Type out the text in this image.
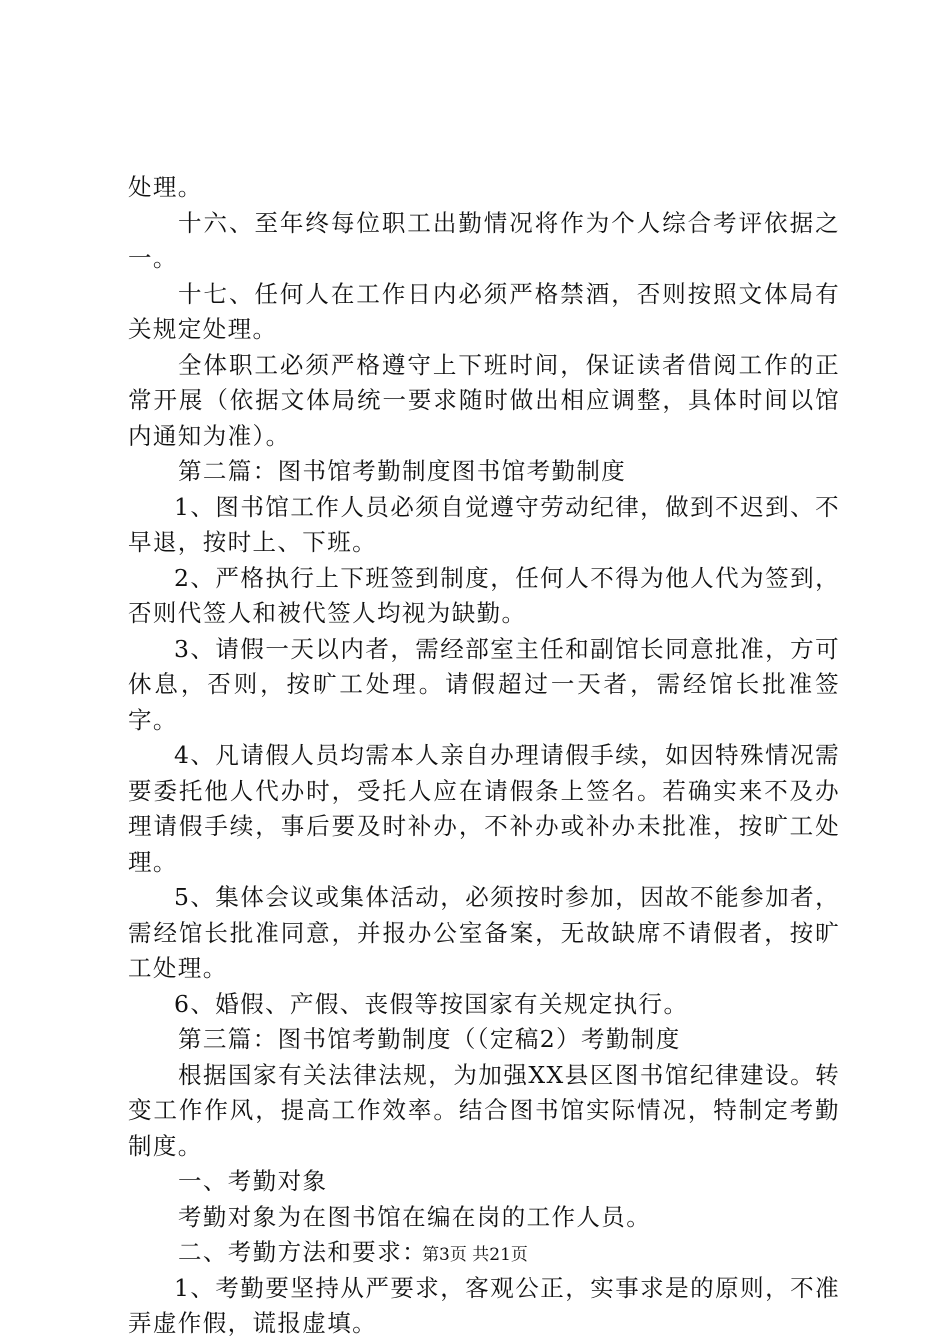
处理。

十六、至年终每位职工出勤情况将作为个人综合考评依据之一。

十七、任何人在工作日内必须严格禁酒，否则按照文体局有关规定处理。

全体职工必须严格遵守上下班时间，保证读者借阅工作的正常开展（依据文体局统一要求随时做出相应调整，具体时间以馆内通知为准）。

第二篇：图书馆考勤制度图书馆考勤制度

1、图书馆工作人员必须自觉遵守劳动纪律，做到不迟到、不早退，按时上、下班。

2、严格执行上下班签到制度，任何人不得为他人代为签到，否则代签人和被代签人均视为缺勤。

3、请假一天以内者，需经部室主任和副馆长同意批准，方可休息，否则，按旷工处理。请假超过一天者，需经馆长批准签字。

4、凡请假人员均需本人亲自办理请假手续，如因特殊情况需要委托他人代办时，受托人应在请假条上签名。若确实来不及办理请假手续，事后要及时补办，不补办或补办未批准，按旷工处理。

5、集体会议或集体活动，必须按时参加，因故不能参加者，需经馆长批准同意，并报办公室备案，无故缺席不请假者，按旷工处理。

6、婚假、产假、丧假等按国家有关规定执行。

第三篇：图书馆考勤制度（（定稿2）考勤制度

根据国家有关法律法规，为加强XX县区图书馆纪律建设。转变工作作风，提高工作效率。结合图书馆实际情况，特制定考勤制度。

一、考勤对象

考勤对象为在图书馆在编在岗的工作人员。

二、考勤方法和要求：

1、考勤要坚持从严要求，客观公正，实事求是的原则，不准弄虚作假，谎报虚填。

第3页 共21页
